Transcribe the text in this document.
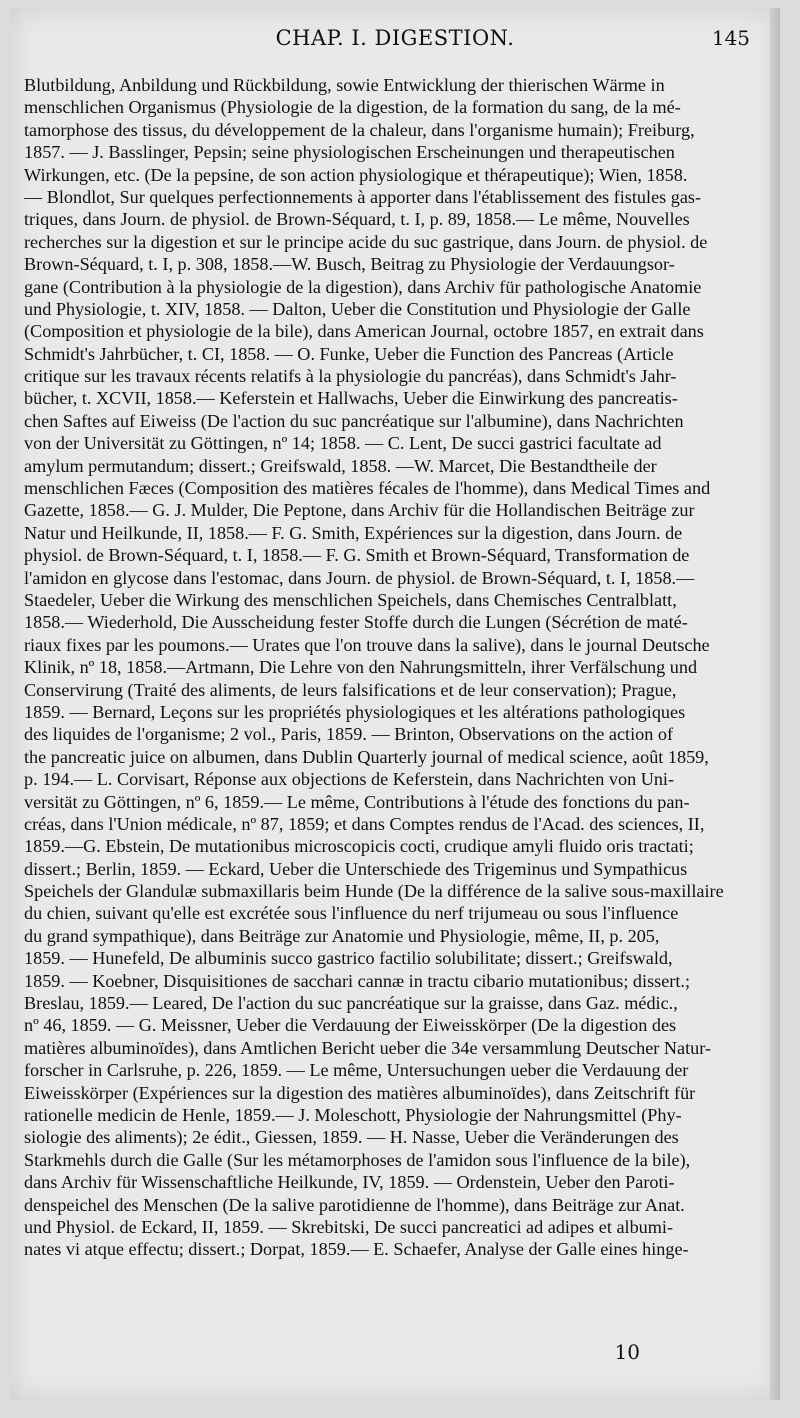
CHAP. I. DIGESTION.	145
Blutbildung, Anbildung und Rückbildung, sowie Entwicklung der thierischen Wärme in
menschlichen Organismus (Physiologie de la digestion, de la formation du sang, de la mé-
tamorphose des tissus, du développement de la chaleur, dans l'organisme humain); Freiburg,
1857. — J. Basslinger, Pepsin; seine physiologischen Erscheinungen und therapeutischen
Wirkungen, etc. (De la pepsine, de son action physiologique et thérapeutique); Wien, 1858.
— Blondlot, Sur quelques perfectionnements à apporter dans l'établissement des fistules gas-
triques, dans Journ. de physiol. de Brown-Séquard, t. I, p. 89, 1858.— Le même, Nouvelles
recherches sur la digestion et sur le principe acide du suc gastrique, dans Journ. de physiol. de
Brown-Séquard, t. I, p. 308, 1858.—W. Busch, Beitrag zu Physiologie der Verdauungsor-
gane (Contribution à la physiologie de la digestion), dans Archiv für pathologische Anatomie
und Physiologie, t. XIV, 1858. — Dalton, Ueber die Constitution und Physiologie der Galle
(Composition et physiologie de la bile), dans American Journal, octobre 1857, en extrait dans
Schmidt's Jahrbücher, t. CI, 1858. — O. Funke, Ueber die Function des Pancreas (Article
critique sur les travaux récents relatifs à la physiologie du pancréas), dans Schmidt's Jahr-
bücher, t. XCVII, 1858.— Keferstein et Hallwachs, Ueber die Einwirkung des pancreatis-
chen Saftes auf Eiweiss (De l'action du suc pancréatique sur l'albumine), dans Nachrichten
von der Universität zu Göttingen, nº 14; 1858. — C. Lent, De succi gastrici facultate ad
amylum permutandum; dissert.; Greifswald, 1858. —W. Marcet, Die Bestandtheile der
menschlichen Fæces (Composition des matières fécales de l'homme), dans Medical Times and
Gazette, 1858.— G. J. Mulder, Die Peptone, dans Archiv für die Hollandischen Beiträge zur
Natur und Heilkunde, II, 1858.— F. G. Smith, Expériences sur la digestion, dans Journ. de
physiol. de Brown-Séquard, t. I, 1858.— F. G. Smith et Brown-Séquard, Transformation de
l'amidon en glycose dans l'estomac, dans Journ. de physiol. de Brown-Séquard, t. I, 1858.—
Staedeler, Ueber die Wirkung des menschlichen Speichels, dans Chemisches Centralblatt,
1858.— Wiederhold, Die Ausscheidung fester Stoffe durch die Lungen (Sécrétion de maté-
riaux fixes par les poumons.— Urates que l'on trouve dans la salive), dans le journal Deutsche
Klinik, nº 18, 1858.—Artmann, Die Lehre von den Nahrungsmitteln, ihrer Verfälschung und
Conservirung (Traité des aliments, de leurs falsifications et de leur conservation); Prague,
1859. — Bernard, Leçons sur les propriétés physiologiques et les altérations pathologiques
des liquides de l'organisme; 2 vol., Paris, 1859. — Brinton, Observations on the action of
the pancreatic juice on albumen, dans Dublin Quarterly journal of medical science, août 1859,
p. 194.— L. Corvisart, Réponse aux objections de Keferstein, dans Nachrichten von Uni-
versität zu Göttingen, nº 6, 1859.— Le même, Contributions à l'étude des fonctions du pan-
créas, dans l'Union médicale, nº 87, 1859; et dans Comptes rendus de l'Acad. des sciences, II,
1859.—G. Ebstein, De mutationibus microscopicis cocti, crudique amyli fluido oris tractati;
dissert.; Berlin, 1859. — Eckard, Ueber die Unterschiede des Trigeminus und Sympathicus
Speichels der Glandulæ submaxillaris beim Hunde (De la différence de la salive sous-maxillaire
du chien, suivant qu'elle est excrétée sous l'influence du nerf trijumeau ou sous l'influence
du grand sympathique), dans Beiträge zur Anatomie und Physiologie, même, II, p. 205,
1859. — Hunefeld, De albuminis succo gastrico factilio solubilitate; dissert.; Greifswald,
1859. — Koebner, Disquisitiones de sacchari cannæ in tractu cibario mutationibus; dissert.;
Breslau, 1859.— Leared, De l'action du suc pancréatique sur la graisse, dans Gaz. médic.,
nº 46, 1859. — G. Meissner, Ueber die Verdauung der Eiweisskörper (De la digestion des
matières albuminoïdes), dans Amtlichen Bericht ueber die 34e versammlung Deutscher Natur-
forscher in Carlsruhe, p. 226, 1859. — Le même, Untersuchungen ueber die Verdauung der
Eiweisskörper (Expériences sur la digestion des matières albuminoïdes), dans Zeitschrift für
rationelle medicin de Henle, 1859.— J. Moleschott, Physiologie der Nahrungsmittel (Phy-
siologie des aliments); 2e édit., Giessen, 1859. — H. Nasse, Ueber die Veränderungen des
Starkmehls durch die Galle (Sur les métamorphoses de l'amidon sous l'influence de la bile),
dans Archiv für Wissenschaftliche Heilkunde, IV, 1859. — Ordenstein, Ueber den Paroti-
denspeichel des Menschen (De la salive parotidienne de l'homme), dans Beiträge zur Anat.
und Physiol. de Eckard, II, 1859. — Skrebitski, De succi pancreatici ad adipes et albumi-
nates vi atque effectu; dissert.; Dorpat, 1859.— E. Schaefer, Analyse der Galle eines hinge-
10
